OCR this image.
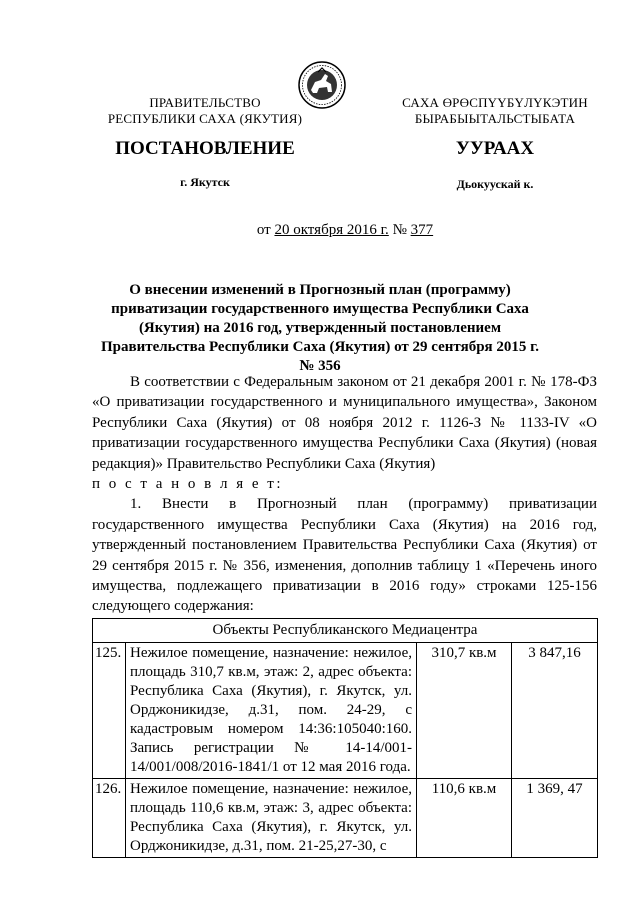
ПРАВИТЕЛЬСТВО
РЕСПУБЛИКИ САХА (ЯКУТИЯ)
САХА ӨРӨСПҮҮБҮЛҮКЭТИН
БЫРАБЫЫТАЛЬСТЫБАТА
ПОСТАНОВЛЕНИЕ	УУРААХ
г. Якутск	Дьокуускай к.
от 20 октября 2016 г. № 377
О внесении изменений в Прогнозный план (программу) приватизации государственного имущества Республики Саха (Якутия) на 2016 год, утвержденный постановлением Правительства Республики Саха (Якутия) от 29 сентября 2015 г. № 356

В соответствии с Федеральным законом от 21 декабря 2001 г. № 178-ФЗ «О приватизации государственного и муниципального имущества», Законом Республики Саха (Якутия) от 08 ноября 2012 г. 1126-З № 1133-IV «О приватизации государственного имущества Республики Саха (Якутия) (новая редакция)» Правительство Республики Саха (Якутия)

п о с т а н о в л я е т:

1. Внести в Прогнозный план (программу) приватизации государственного имущества Республики Саха (Якутия) на 2016 год, утвержденный постановлением Правительства Республики Саха (Якутия) от 29 сентября 2015 г. № 356, изменения, дополнив таблицу 1 «Перечень иного имущества, подлежащего приватизации в 2016 году» строками 125-156 следующего содержания:

Объекты Республиканского Медиацентра			
125.	Нежилое помещение, назначение: нежилое, площадь 310,7 кв.м, этаж: 2, адрес объекта: Республика Саха (Якутия), г. Якутск, ул. Орджоникидзе, д.31, пом. 24-29, с кадастровым номером 14:36:105040:160. Запись регистрации № 14-14/001-14/001/008/2016-1841/1 от 12 мая 2016 года.	310,7 кв.м	3 847,16
126.	Нежилое помещение, назначение: нежилое, площадь 110,6 кв.м, этаж: 3, адрес объекта: Республика Саха (Якутия), г. Якутск, ул. Орджоникидзе, д.31, пом. 21-25,27-30, с	110,6 кв.м	1 369, 47
